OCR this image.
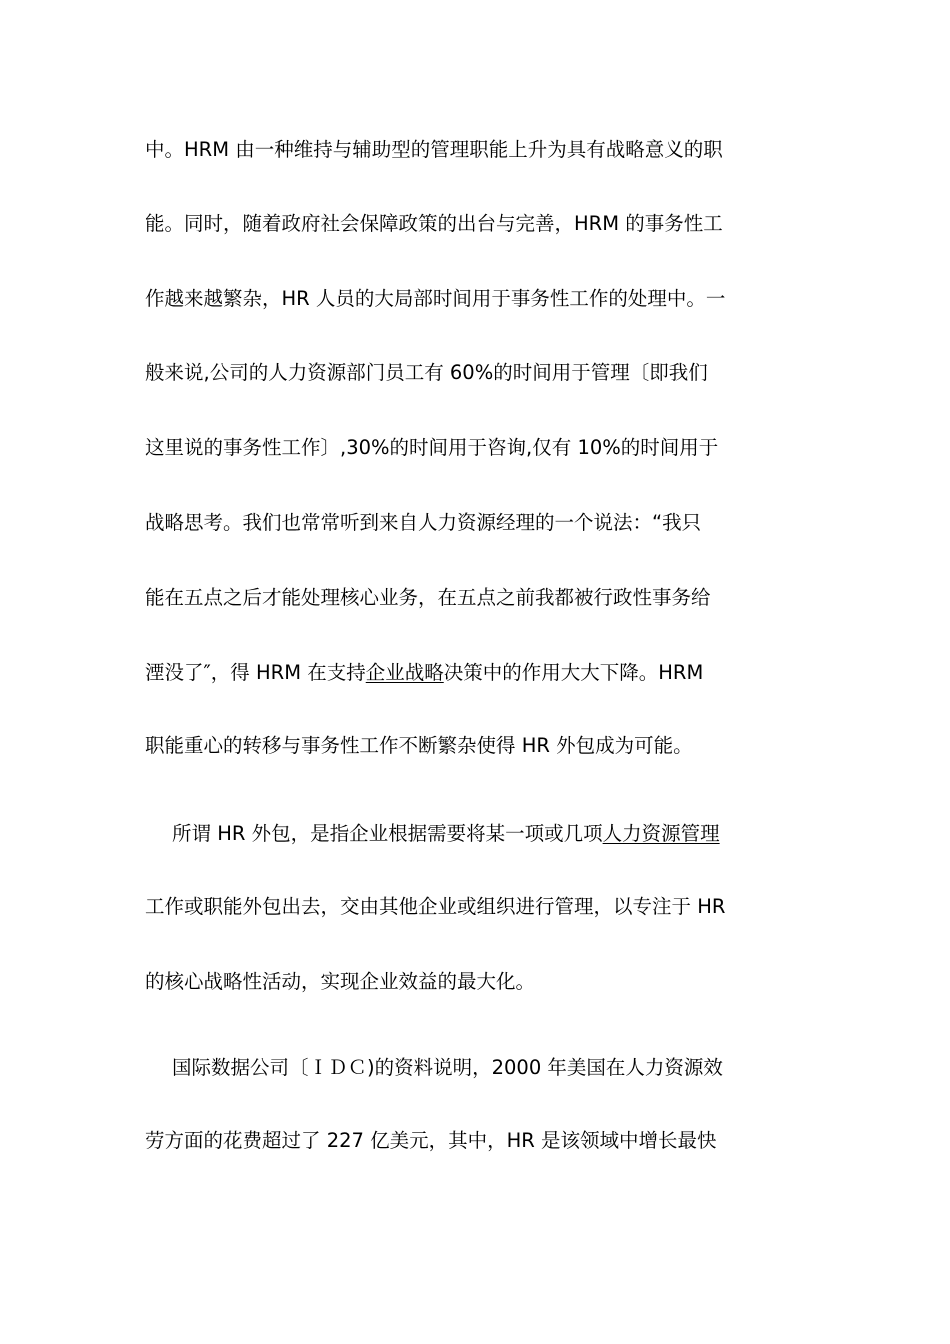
中。HRM 由一种维持与辅助型的管理职能上升为具有战略意义的职
能。同时，随着政府社会保障政策的出台与完善，HRM 的事务性工
作越来越繁杂，HR 人员的大局部时间用于事务性工作的处理中。一
般来说,公司的人力资源部门员工有 60%的时间用于管理〔即我们
这里说的事务性工作〕,30%的时间用于咨询,仅有 10%的时间用于
战略思考。我们也常常听到来自人力资源经理的一个说法：“我只
能在五点之后才能处理核心业务，在五点之前我都被行政性事务给
湮没了″，得 HRM 在支持企业战略决策中的作用大大下降。HRM
职能重心的转移与事务性工作不断繁杂使得 HR 外包成为可能。
所谓 HR 外包，是指企业根据需要将某一项或几项人力资源管理
工作或职能外包出去，交由其他企业或组织进行管理，以专注于 HR
的核心战略性活动，实现企业效益的最大化。
国际数据公司〔ＩＤＣ)的资料说明，2000 年美国在人力资源效
劳方面的花费超过了 227 亿美元，其中，HR 是该领域中增长最快
